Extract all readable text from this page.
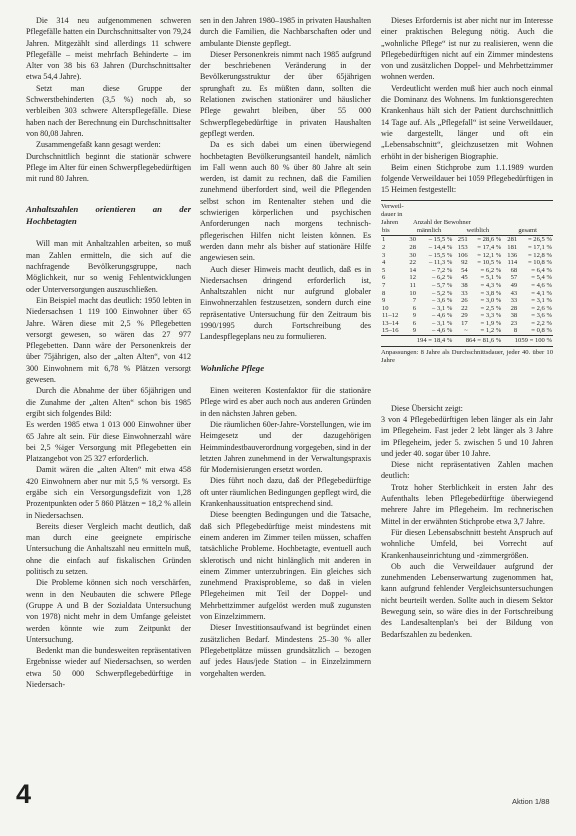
Die 314 neu aufgenommenen schweren Pflegefälle hatten ein Durchschnittsalter von 79,24 Jahren. Mitgezählt sind allerdings 11 schwere Pflegefälle – meist mehrfach Behinderte – im Alter von 38 bis 63 Jahren (Durchschnittsalter etwa 54,4 Jahre).

Setzt man diese Gruppe der Schwerstbehinderten (3,5 %) noch ab, so verbleiben 303 schwere Alterspflegefälle. Diese haben nach der Berechnung ein Durchschnittsalter von 80,08 Jahren.

Zusammengefaßt kann gesagt werden:

Durchschnittlich beginnt die stationär schwere Pflege im Alter für einen Schwerpflegebedürftigen mit rund 80 Jahren.

Anhaltszahlen orientieren an der Hochbetagten

Will man mit Anhaltzahlen arbeiten, so muß man Zahlen ermitteln, die sich auf die nachfragende Bevölkerungsgruppe, nach Möglichkeit, nur so wenig Fehlentwicklungen oder Unterversorgungen auszuschließen.

Ein Beispiel macht das deutlich: 1950 lebten in Niedersachsen 1 119 100 Einwohner über 65 Jahre. Wären diese mit 2,5 % Pflegebetten versorgt gewesen, so wären das 27 977 Pflegebetten. Dann wäre der Personenkreis der über 75jährigen, also der „alten Alten“, von 412 300 Einwohnern mit 6,78 % Plätzen versorgt gewesen.

Durch die Abnahme der über 65jährigen und die Zunahme der „alten Alten“ schon bis 1985 ergibt sich folgendes Bild:

Es werden 1985 etwa 1 013 000 Einwohner über 65 Jahre alt sein. Für diese Einwohnerzahl wäre bei 2,5 %iger Versorgung mit Pflegebetten ein Platzangebot von 25 327 erforderlich.

Damit wären die „alten Alten“ mit etwa 458 420 Einwohnern aber nur mit 5,5 % versorgt. Es ergäbe sich ein Versorgungsdefizit von 1,28 Prozentpunkten oder 5 860 Plätzen = 18,2 % allein in Niedersachsen.

Bereits dieser Vergleich macht deutlich, daß man durch eine geeignete empirische Untersuchung die Anhaltszahl neu ermitteln muß, ohne die einfach auf fiskalischen Gründen politisch zu setzen.

Die Probleme können sich noch verschärfen, wenn in den Neubauten die schwere Pflege (Gruppe A und B der Sozialdata Untersuchung von 1978) nicht mehr in dem Umfange geleistet werden könnte wie zum Zeitpunkt der Untersuchung.

Bedenkt man die bundesweiten repräsentativen Ergebnisse wieder auf Niedersachsen, so werden etwa 50 000 Schwerpflegebedürftige in Niedersach-

sen in den Jahren 1980–1985 in privaten Haushalten durch die Familien, die Nachbarschaften oder und ambulante Dienste gepflegt.

Dieser Personenkreis nimmt nach 1985 aufgrund der beschriebenen Veränderung in der Bevölkerungsstruktur der über 65jährigen sprunghaft zu. Es müßten dann, sollten die Relationen zwischen stationärer und häuslicher Pflege gewahrt bleiben, über 55 000 Schwerpflegebedürftige in privaten Haushalten gepflegt werden.

Da es sich dabei um einen überwiegend hochbetagten Bevölkerungsanteil handelt, nämlich im Fall wenn auch 80 % über 80 Jahre alt sein werden, ist damit zu rechnen, daß die Familien zunehmend überfordert sind, weil die Pflegenden selbst schon im Rentenalter stehen und die schwierigen körperlichen und psychischen Anforderungen nach morgens technisch-pflegerischen Hilfen nicht leisten können. Es werden dann mehr als bisher auf stationäre Hilfe angewiesen sein.

Auch dieser Hinweis macht deutlich, daß es in Niedersachsen dringend erforderlich ist, Anhaltszahlen nicht nur aufgrund globaler Einwohnerzahlen festzusetzen, sondern durch eine repräsentative Untersuchung für den Zeitraum bis 1990/1995 durch Fortschreibung des Landespflegeplans neu zu formulieren.

Wohnliche Pflege

Einen weiteren Kostenfaktor für die stationäre Pflege wird es aber auch noch aus anderen Gründen in den nächsten Jahren geben.

Die räumlichen 60er-Jahre-Vorstellungen, wie im Heimgesetz und der dazugehörigen Heimmindestbauverordnung vorgegeben, sind in der letzten Jahren zunehmend in der Verwaltungspraxis für Modernisierungen ersetzt worden.

Dies führt noch dazu, daß der Pflegebedürftige oft unter räumlichen Bedingungen gepflegt wird, die Krankenhaussituation entsprechend sind.

Diese beengten Bedingungen und die Tatsache, daß sich Pflegebedürftige meist mindestens mit einem anderen im Zimmer teilen müssen, schaffen tatsächliche Probleme. Hochbetagte, eventuell auch sklerotisch und nicht hinlänglich mit anderen in einem Zimmer unterzubringen. Ein gleiches sich zunehmend Praxisprobleme, so daß in vielen Pflegeheimen mit Teil der Doppel- und Mehrbettzimmer aufgelöst werden muß zugunsten von Einzelzimmern.

Dieser Investitionsaufwand ist begründet einen zusätzlichen Bedarf. Mindestens 25–30 % aller Pflegebettplätze müssen grundsätzlich – bezogen auf jedes Haus/jede Station – in Einzelzimmern vorgehalten werden.

Dieses Erfordernis ist aber nicht nur im Interesse einer praktischen Belegung nötig. Auch die „wohnliche Pflege“ ist nur zu realisieren, wenn die Pflegebedürftigen nicht auf ein Zimmer mindestens von und zusätzlichen Doppel- und Mehrbettzimmer wohnen werden.

Verdeutlicht werden muß hier auch noch einmal die Dominanz des Wohnens. Im funktionsgerechten Krankenhaus hält sich der Patient durchschnittlich 14 Tage auf. Als „Pflegefall“ ist seine Verweildauer, wie dargestellt, länger und oft ein „Lebensabschnitt“, gleichzusetzen mit Wohnen erhöht in der bisherigen Biographie.

Beim einen Stichprobe zum 1.1.1989 wurden folgende Verweildauer bei 1059 Pflegebedürftigen in 15 Heimen festgestellt:

Verweil-
dauer in
Jahren	Anzahl der Bewohner
bis	männlich		weiblich		gesamt	
1	30	– 15,5 %	251	= 28,6 %	281	= 26,5 %
2	28	– 14,4 %	153	= 17,4 %	181	= 17,1 %
3	30	– 15,5 %	106	= 12,1 %	136	= 12,8 %
4	22	– 11,3 %	92	= 10,5 %	114	= 10,8 %
5	14	– 7,2 %	54	= 6,2 %	68	= 6,4 %
6	12	– 6,2 %	45	= 5,1 %	57	= 5,4 %
7	11	– 5,7 %	38	= 4,3 %	49	= 4,6 %
8	10	– 5,2 %	33	= 3,8 %	43	= 4,1 %
9	7	– 3,6 %	26	= 3,0 %	33	= 3,1 %
10	6	– 3,1 %	22	= 2,5 %	28	= 2,6 %
11–12	9	– 4,6 %	29	= 3,3 %	38	= 3,6 %
13–14	6	– 3,1 %	17	= 1,9 %	23	= 2,2 %
15–16	9	– 4,6 %	~	= 1,2 %	8	= 0,8 %
	194 = 18,4 %		864 = 81,6 %		1059 = 100 %	
Anpassungen: 8 Jahre als Durchschnittsdauer, jeder 40. über 10 Jahre

Diese Übersicht zeigt:

3 von 4 Pflegebedürftigen leben länger als ein Jahr im Pflegeheim. Fast jeder 2 lebt länger als 3 Jahre im Pflegeheim, jeder 5. zwischen 5 und 10 Jahren und jeder 40. sogar über 10 Jahre.

Diese nicht repräsentativen Zahlen machen deutlich:

Trotz hoher Sterblichkeit in ersten Jahr des Aufenthalts leben Pflegebedürftige überwiegend mehrere Jahre im Pflegeheim. Im rechnerischen Mittel in der erwähnten Stichprobe etwa 3,7 Jahre.

Für diesen Lebensabschnitt besteht Anspruch auf wohnliche Umfeld, bei Vorrecht auf Krankenhauseinrichtung und -zimmergrößen.

Ob auch die Verweildauer aufgrund der zunehmenden Lebenserwartung zugenommen hat, kann aufgrund fehlender Vergleichsuntersuchungen nicht beurteilt werden. Sollte auch in diesem Sektor Bewegung sein, so wäre dies in der Fortschreibung des Landesaltenplan's bei der Bildung von Bedarfszahlen zu bedenken.

4	Aktion 1/88
